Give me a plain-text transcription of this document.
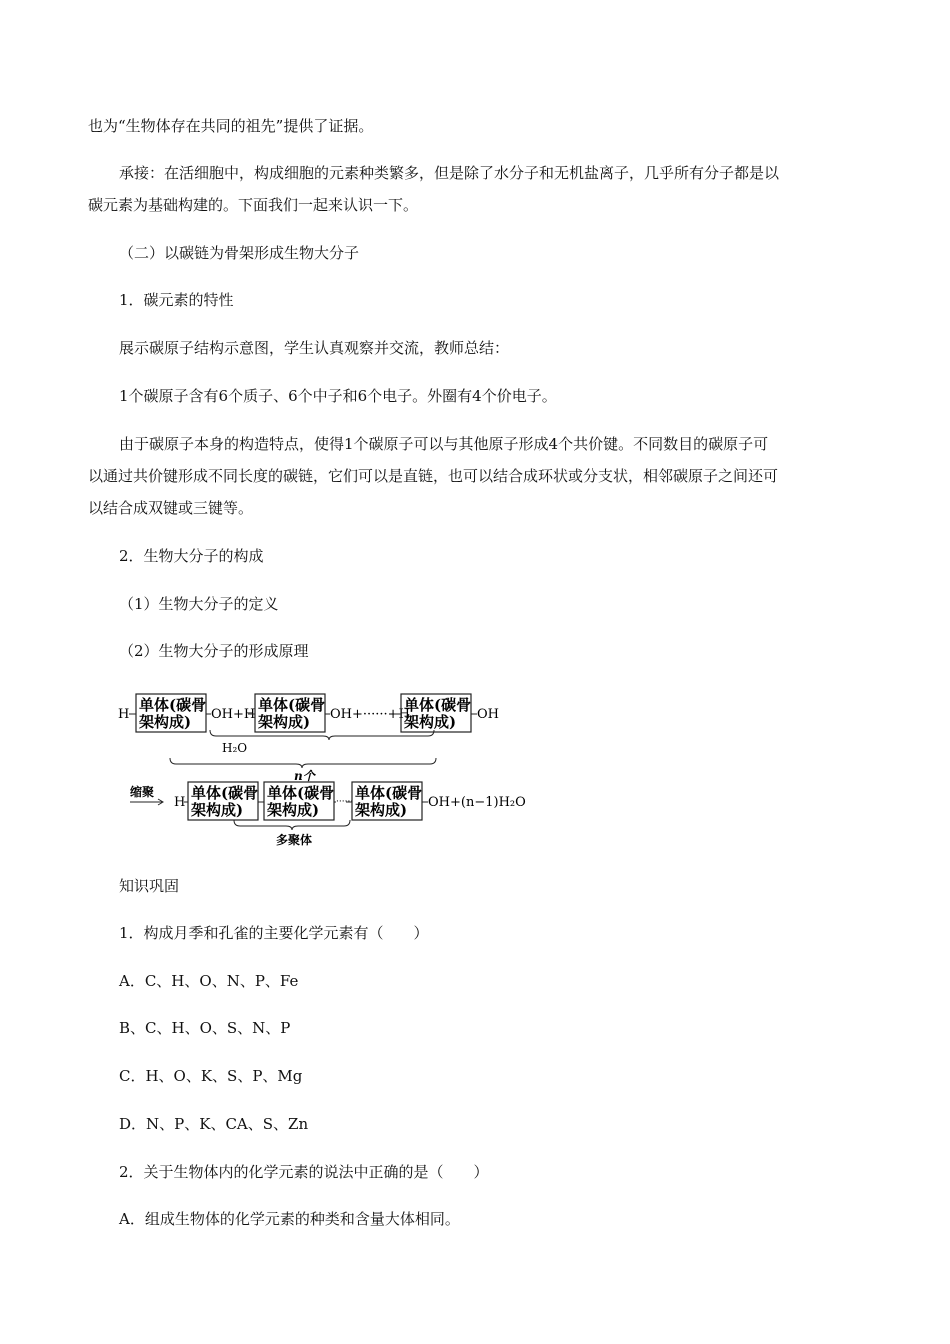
也为“生物体存在共同的祖先”提供了证据。
承接：在活细胞中，构成细胞的元素种类繁多，但是除了水分子和无机盐离子，几乎所有分子都是以
碳元素为基础构建的。下面我们一起来认识一下。
（二）以碳链为骨架形成生物大分子
1．碳元素的特性
展示碳原子结构示意图，学生认真观察并交流，教师总结：
1个碳原子含有6个质子、6个中子和6个电子。外圈有4个价电子。
由于碳原子本身的构造特点，使得1个碳原子可以与其他原子形成4个共价键。不同数目的碳原子可
以通过共价键形成不同长度的碳链，它们可以是直链，也可以结合成环状或分支状，相邻碳原子之间还可
以结合成双键或三键等。
2．生物大分子的构成
（1）生物大分子的定义
（2）生物大分子的形成原理
H
单体(碳骨
架构成) OH+H
单体(碳骨
架构成) OH+······+H
单体(碳骨
架构成) OH
H₂O
n个
缩聚
H
单体(碳骨
架构成)
单体(碳骨
架构成) ······ 单体(碳骨
架构成) OH+(n−1)H₂O
多聚体
知识巩固
1．构成月季和孔雀的主要化学元素有（　　）
A．C、H、O、N、P、Fe
B、C、H、O、S、N、P
C．H、O、K、S、P、Mg
D．N、P、K、CA、S、Zn
2．关于生物体内的化学元素的说法中正确的是（　　）
A．组成生物体的化学元素的种类和含量大体相同。
